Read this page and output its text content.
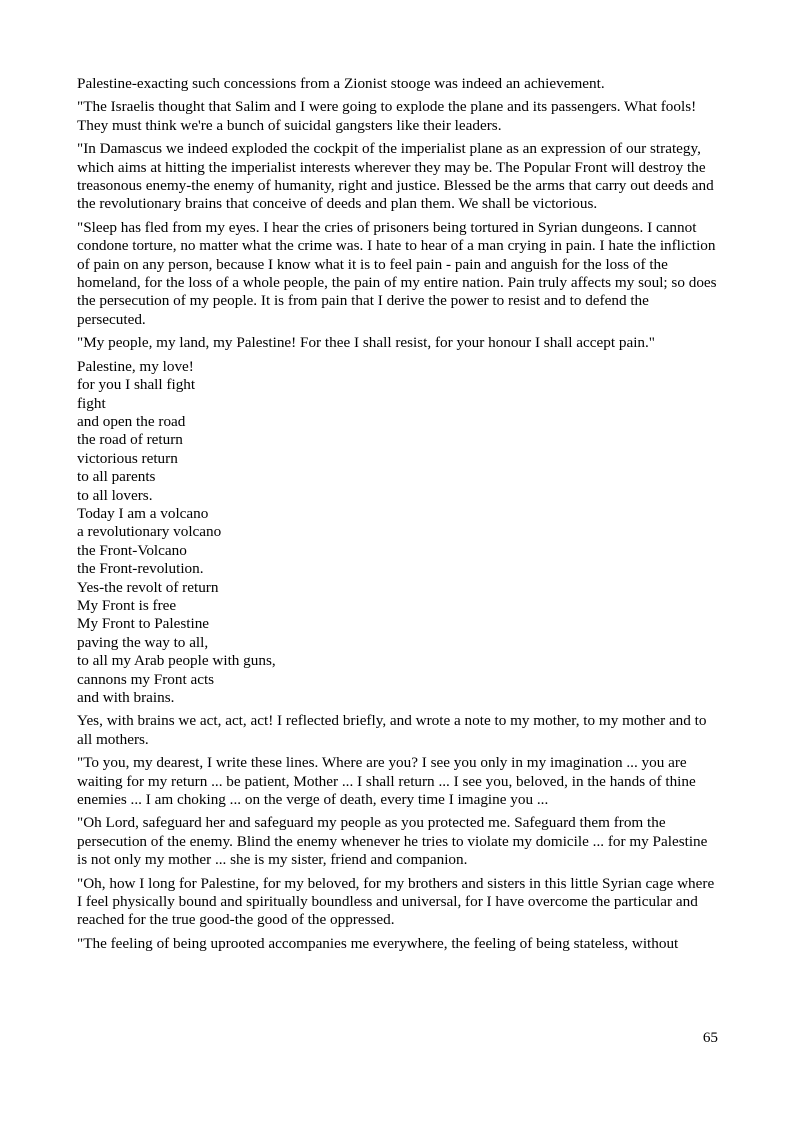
Palestine-exacting such concessions from a Zionist stooge was indeed an achievement.

"The Israelis thought that Salim and I were going to explode the plane and its passengers. What fools! They must think we're a bunch of suicidal gangsters like their leaders.

"In Damascus we indeed exploded the cockpit of the imperialist plane as an expression of our strategy, which aims at hitting the imperialist interests wherever they may be. The Popular Front will destroy the treasonous enemy-the enemy of humanity, right and justice. Blessed be the arms that carry out deeds and the revolutionary brains that conceive of deeds and plan them. We shall be victorious.

"Sleep has fled from my eyes. I hear the cries of prisoners being tortured in Syrian dungeons. I cannot condone torture, no matter what the crime was. I hate to hear of a man crying in pain. I hate the infliction of pain on any person, because I know what it is to feel pain - pain and anguish for the loss of the homeland, for the loss of a whole people, the pain of my entire nation. Pain truly affects my soul; so does the persecution of my people. It is from pain that I derive the power to resist and to defend the persecuted.

"My people, my land, my Palestine! For thee I shall resist, for your honour I shall accept pain."

Palestine, my love!
for you I shall fight
fight
and open the road
the road of return
victorious return
to all parents
to all lovers.
Today I am a volcano
a revolutionary volcano
the Front-Volcano
the Front-revolution.
Yes-the revolt of return
My Front is free
My Front to Palestine
paving the way to all,
to all my Arab people with guns,
cannons my Front acts
and with brains.

Yes, with brains we act, act, act! I reflected briefly, and wrote a note to my mother, to my mother and to all mothers.

"To you, my dearest, I write these lines. Where are you? I see you only in my imagination ... you are waiting for my return ... be patient, Mother ... I shall return ... I see you, beloved, in the hands of thine enemies ... I am choking ... on the verge of death, every time I imagine you ...

"Oh Lord, safeguard her and safeguard my people as you protected me. Safeguard them from the persecution of the enemy. Blind the enemy whenever he tries to violate my domicile ... for my Palestine is not only my mother ... she is my sister, friend and companion.

"Oh, how I long for Palestine, for my beloved, for my brothers and sisters in this little Syrian cage where I feel physically bound and spiritually boundless and universal, for I have overcome the particular and reached for the true good-the good of the oppressed.

"The feeling of being uprooted accompanies me everywhere, the feeling of being stateless, without

65
